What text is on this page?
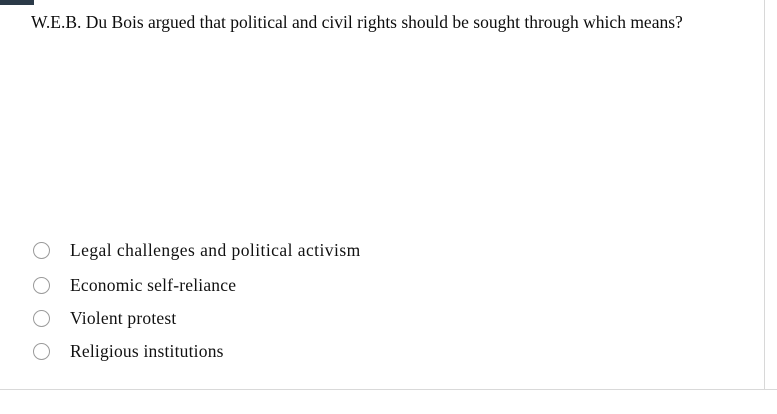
W.E.B. Du Bois argued that political and civil rights should be sought through which means?

Legal challenges and political activism
Economic self-reliance
Violent protest
Religious institutions
